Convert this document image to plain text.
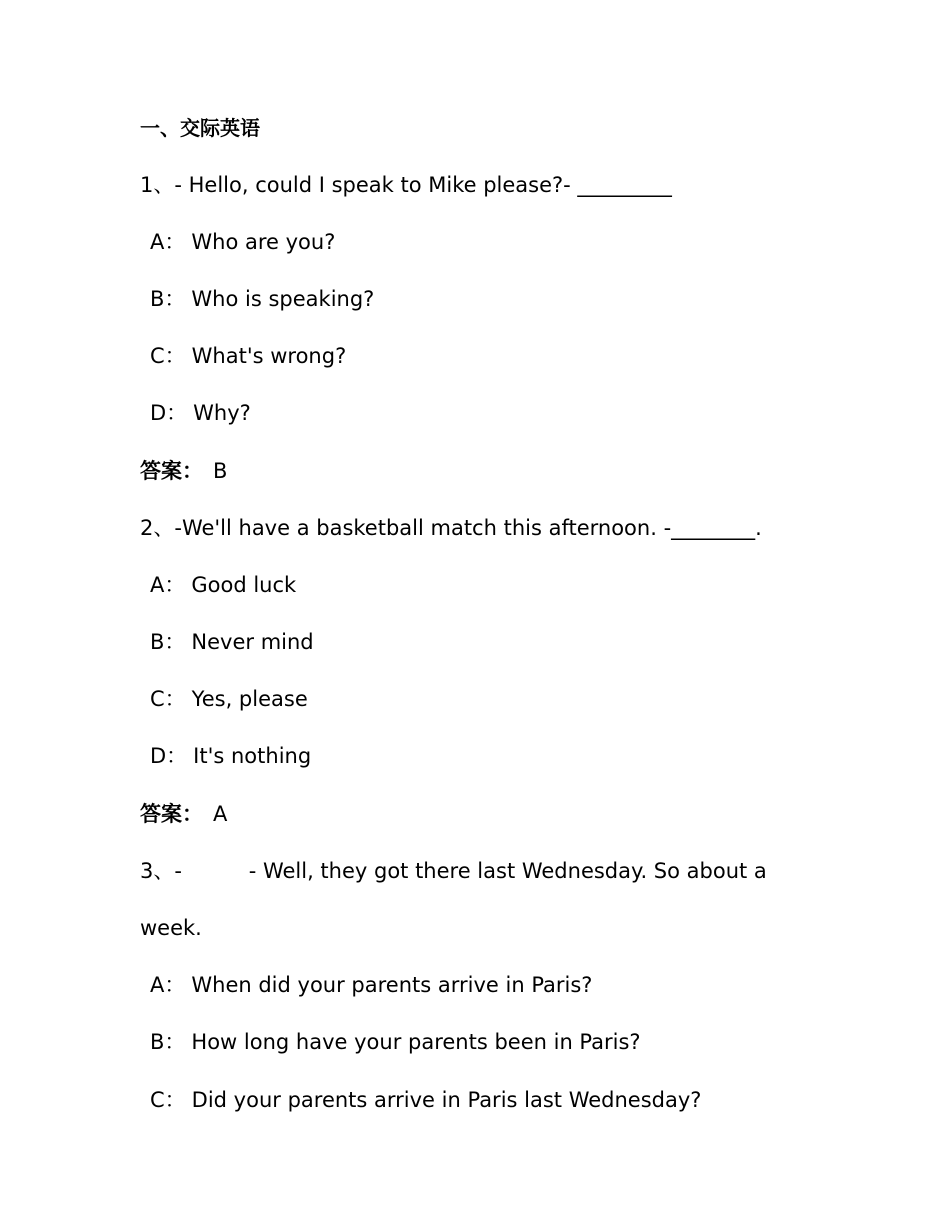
一、交际英语
1、- Hello, could I speak to Mike please?- _________
A： Who are you?
B： Who is speaking?
C： What's wrong?
D： Why?
答案： B
2、-We'll have a basketball match this afternoon. -________.
A： Good luck
B： Never mind
C： Yes, please
D： It's nothing
答案： A
3、-          - Well, they got there last Wednesday. So about a
week.
A： When did your parents arrive in Paris?
B： How long have your parents been in Paris?
C： Did your parents arrive in Paris last Wednesday?
